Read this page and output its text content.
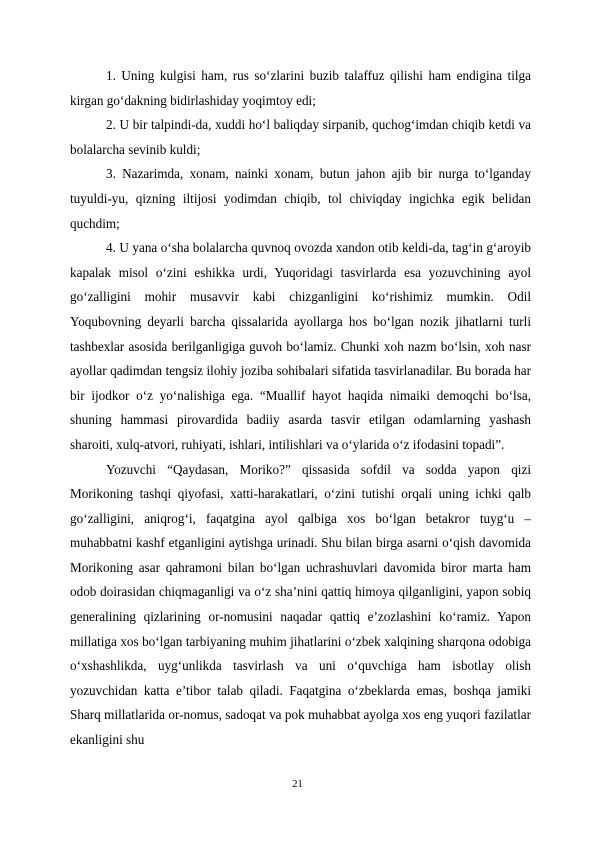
1. Uning kulgisi ham, rus so‘zlarini buzib talaffuz qilishi ham endigina tilga kirgan go‘dakning bidirlashiday yoqimtoy edi;

2. U bir talpindi-da, xuddi ho‘l baliqday sirpanib, quchog‘imdan chiqib ketdi va bolalarcha sevinib kuldi;

3. Nazarimda, xonam, nainki xonam, butun jahon ajib bir nurga to‘lganday tuyuldi-yu, qizning iltijosi yodimdan chiqib, tol chiviqday ingichka egik belidan quchdim;

4. U yana o‘sha bolalarcha quvnoq ovozda xandon otib keldi-da, tag‘in g‘aroyib kapalak misol o‘zini eshikka urdi, Yuqoridagi tasvirlarda esa yozuvchining ayol go‘zalligini mohir musavvir kabi chizganligini ko‘rishimiz mumkin. Odil Yoqubovning deyarli barcha qissalarida ayollarga hos bo‘lgan nozik jihatlarni turli tashbexlar asosida berilganligiga guvoh bo‘lamiz. Chunki xoh nazm bo‘lsin, xoh nasr ayollar qadimdan tengsiz ilohiy joziba sohibalari sifatida tasvirlanadilar. Bu borada har bir ijodkor o‘z yo‘nalishiga ega. “Muallif hayot haqida nimaiki demoqchi bo‘lsa, shuning hammasi pirovardida badiiy asarda tasvir etilgan odamlarning yashash sharoiti, xulq-atvori, ruhiyati, ishlari, intilishlari va o‘ylarida o‘z ifodasini topadi”.

Yozuvchi “Qaydasan, Moriko?” qissasida sofdil va sodda yapon qizi Morikoning tashqi qiyofasi, xatti-harakatlari, o‘zini tutishi orqali uning ichki qalb go‘zalligini, aniqrog‘i, faqatgina ayol qalbiga xos bo‘lgan betakror tuyg‘u – muhabbatni kashf etganligini aytishga urinadi. Shu bilan birga asarni o‘qish davomida Morikoning asar qahramoni bilan bo‘lgan uchrashuvlari davomida biror marta ham odob doirasidan chiqmaganligi va o‘z sha’nini qattiq himoya qilganligini, yapon sobiq generalining qizlarining or-nomusini naqadar qattiq e’zozlashini ko‘ramiz. Yapon millatiga xos bo‘lgan tarbiyaning muhim jihatlarini o‘zbek xalqining sharqona odobiga o‘xshashlikda, uyg‘unlikda tasvirlash va uni o‘quvchiga ham isbotlay olish yozuvchidan katta e’tibor talab qiladi. Faqatgina o‘zbeklarda emas, boshqa jamiki Sharq millatlarida or-nomus, sadoqat va pok muhabbat ayolga xos eng yuqori fazilatlar ekanligini shu

21
